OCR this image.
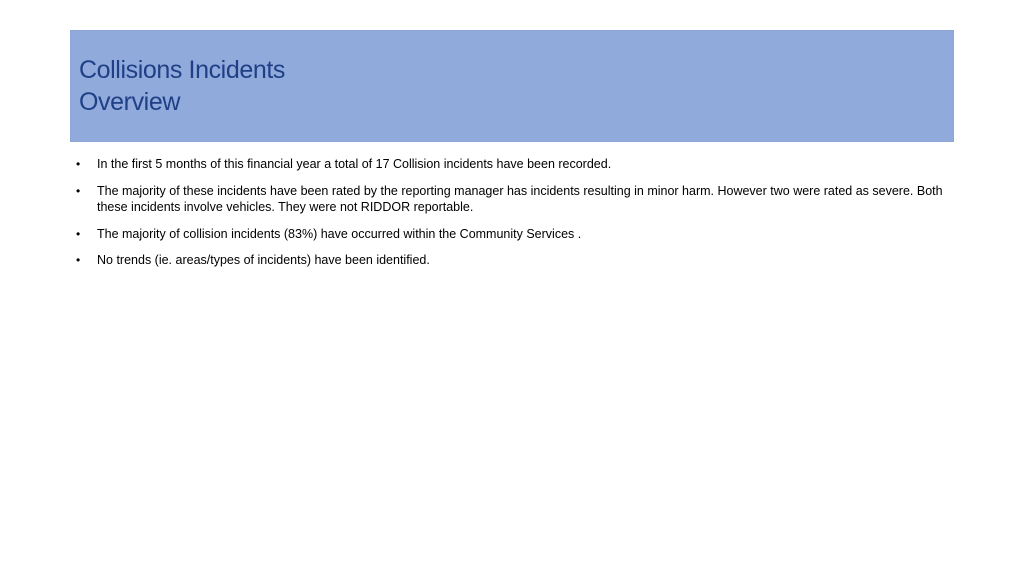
Collisions Incidents
Overview
•	In the first 5 months of this financial year a total of 17 Collision incidents have been recorded.
•	The majority of these incidents have been rated by the reporting manager has incidents resulting in minor harm. However two were rated as severe. Both these incidents involve vehicles. They were not RIDDOR reportable.
•	The majority of collision incidents (83%) have occurred within the Community Services .
•	No trends (ie. areas/types of incidents) have been identified.
